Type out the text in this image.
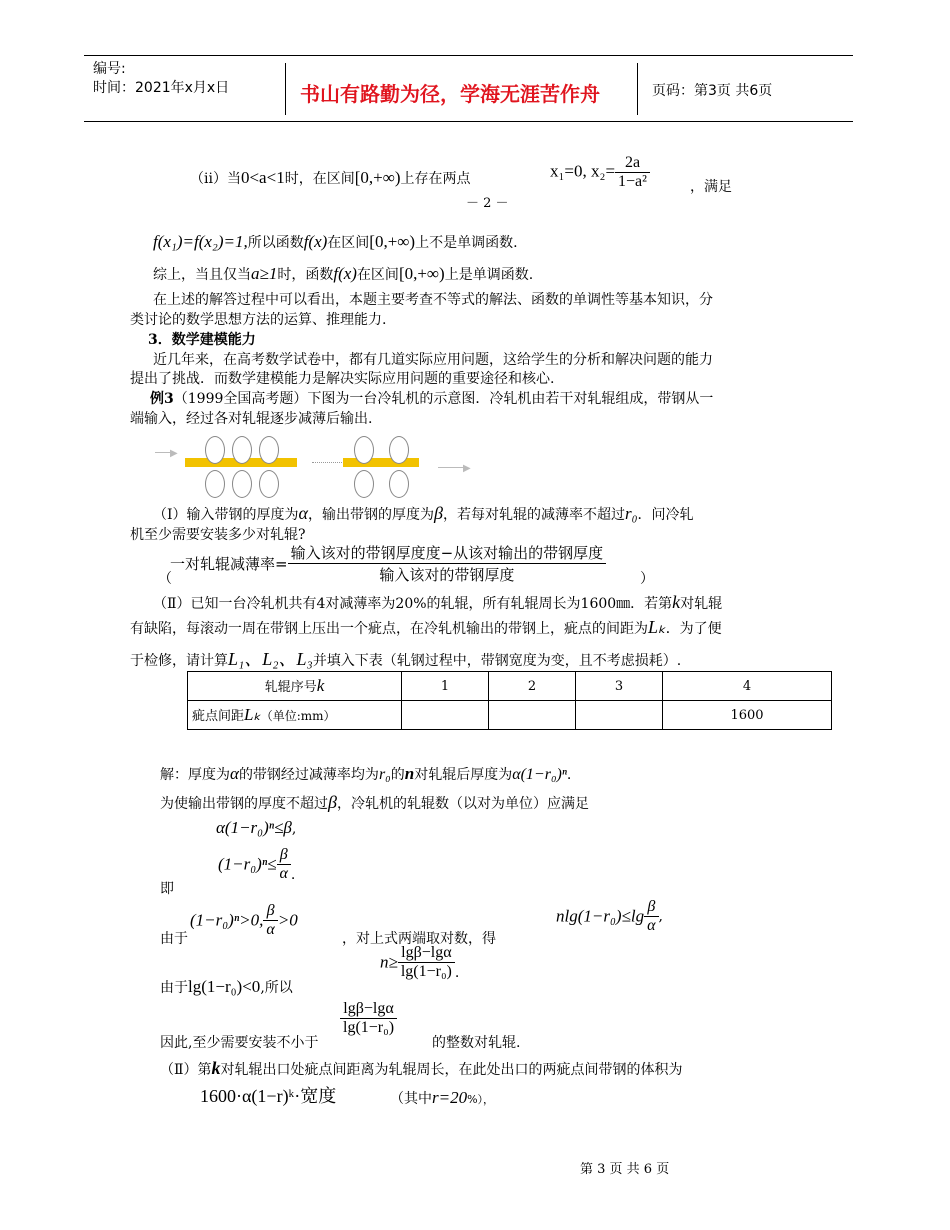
编号:
时间：2021年x月x日	书山有路勤为径，学海无涯苦作舟	页码：第3页 共6页
（ii）当0<a<1时，在区间[0,+∞)上存在两点	x₁=0, $x_2= \frac{2a}{\text{1−a²}}$	，满足
－ 2 －
f(x₁)=f(x₂)=1,所以函数f(x)在区间[0,+∞)上不是单调函数.
综上，当且仅当a≥1时，函数f(x)在区间[0,+∞)上是单调函数.
在上述的解答过程中可以看出，本题主要考查不等式的解法、函数的单调性等基本知识，分
类讨论的数学思想方法的运算、推理能力.
3．数学建模能力
近几年来，在高考数学试卷中，都有几道实际应用问题，这给学生的分析和解决问题的能力
提出了挑战．而数学建模能力是解决实际应用问题的重要途径和核心.
例3（1999全国高考题）下图为一台冷轧机的示意图．冷轧机由若干对轧辊组成，带钢从一
端输入，经过各对轧辊逐步减薄后输出.
▶
▶
（Ⅰ）输入带钢的厚度为α，输出带钢的厚度为β，若每对轧辊的减薄率不超过r₀．问冷轧
机至少需要安装多少对轧辊?
一对轧辊减薄率= $\frac{\text{输入该对的带钢厚度度−从该对输出的带钢厚度}}{\text{输入该对的带钢厚度}}$
（	）
（Ⅱ）已知一台冷轧机共有4对减薄率为20%的轧辊，所有轧辊周长为1600㎜．若第k对轧辊
有缺陷，每滚动一周在带钢上压出一个疵点，在冷轧机输出的带钢上，疵点的间距为Lₖ．为了便
于检修，请计算L₁、L₂、L₃并填入下表（轧钢过程中，带钢宽度为变，且不考虑损耗）.
轧辊序号k	1	2	3	4
疵点间距Lₖ（单位:mm）				1600
解：厚度为α的带钢经过减薄率均为r₀的n对轧辊后厚度为α(1−r₀)ⁿ.
为使输出带钢的厚度不超过β，冷轧机的轧辊数（以对为单位）应满足
α(1−r₀)ⁿ≤β,
即
$(1-r_0)^n\le \frac{\beta}{\alpha}$ .
由于
(1−r₀)ⁿ>0, $\frac{\beta}{\alpha} >0$
，对上式两端取对数，得
$nlg(1-r_0)\le\lg \frac{\beta}{\alpha}$ ,
由于lg(1−r₀)<0,所以
$n\ge \frac{\lg\beta-\lg\alpha}{\text{lg(1−r₀)}}$ .
因此,至少需要安装不小于
$\frac{\lg\beta-\lg\alpha}{\text{lg(1−r₀)}}$
的整数对轧辊.
（Ⅱ）第k对轧辊出口处疵点间距离为轧辊周长，在此处出口的两疵点间带钢的体积为
1600·α(1−r)ᵏ·宽度	（其中r=20%），
第 3 页 共 6 页
